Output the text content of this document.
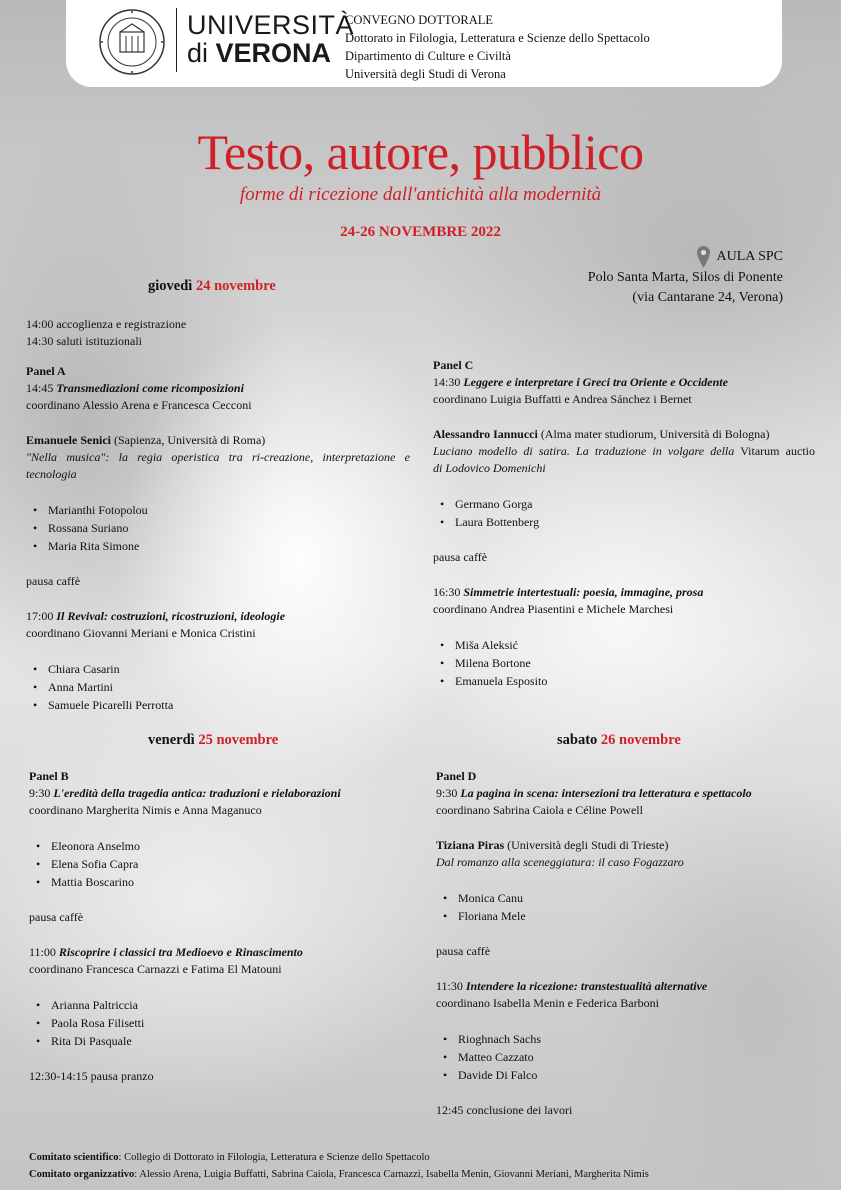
UNIVERSITÀ
di VERONA
CONVEGNO DOTTORALE
Dottorato in Filologia, Letteratura e Scienze dello Spettacolo
Dipartimento di Culture e Civiltà
Università degli Studi di Verona
Testo, autore, pubblico
forme di ricezione dall'antichità alla modernità
24-26 NOVEMBRE 2022
AULA SPC
Polo Santa Marta, Silos di Ponente
(via Cantarane 24, Verona)
giovedì 24 novembre
venerdì 25 novembre	sabato 26 novembre

14:00 accoglienza e registrazione

14:30 saluti istituzionali

Panel A

14:45 Transmediazioni come ricomposizioni

coordinano Alessio Arena e Francesca Cecconi

Emanuele Senici (Sapienza, Università di Roma)

"Nella musica": la regia operistica tra ri-creazione, interpretazione e

tecnologia

• Marianthi Fotopolou
• Rossana Suriano
• Maria Rita Simone

pausa caffè

17:00 Il Revival: costruzioni, ricostruzioni, ideologie

coordinano Giovanni Meriani e Monica Cristini

• Chiara Casarin
• Anna Martini
• Samuele Picarelli Perrotta

Panel C

14:30 Leggere e interpretare i Greci tra Oriente e Occidente

coordinano Luigia Buffatti e Andrea Sánchez i Bernet

Alessandro Iannucci (Alma mater studiorum, Università di Bologna)

Luciano modello di satira. La traduzione in volgare della Vitarum auctio

di Lodovico Domenichi

• Germano Gorga
• Laura Bottenberg

pausa caffè

16:30 Simmetrie intertestuali: poesia, immagine, prosa

coordinano Andrea Piasentini e Michele Marchesi

• Miša Aleksić
• Milena Bortone
• Emanuela Esposito

Panel B

9:30 L'eredità della tragedia antica: traduzioni e rielaborazioni

coordinano Margherita Nimis e Anna Maganuco

• Eleonora Anselmo
• Elena Sofia Capra
• Mattia Boscarino

pausa caffè

11:00 Riscoprire i classici tra Medioevo e Rinascimento

coordinano Francesca Carnazzi e Fatima El Matouni

• Arianna Paltriccia
• Paola Rosa Filisetti
• Rita Di Pasquale

12:30-14:15 pausa pranzo

Panel D

9:30 La pagina in scena: intersezioni tra letteratura e spettacolo

coordinano Sabrina Caiola e Céline Powell

Tiziana Piras (Università degli Studi di Trieste)

Dal romanzo alla sceneggiatura: il caso Fogazzaro

• Monica Canu
• Floriana Mele

pausa caffè

11:30 Intendere la ricezione: transtestualità alternative

coordinano Isabella Menin e Federica Barboni

• Rioghnach Sachs
• Matteo Cazzato
• Davide Di Falco

12:45 conclusione dei lavori

Comitato scientifico: Collegio di Dottorato in Filologia, Letteratura e Scienze dello Spettacolo
Comitato organizzativo: Alessio Arena, Luigia Buffatti, Sabrina Caiola, Francesca Carnazzi, Isabella Menin, Giovanni Meriani, Margherita Nimis
